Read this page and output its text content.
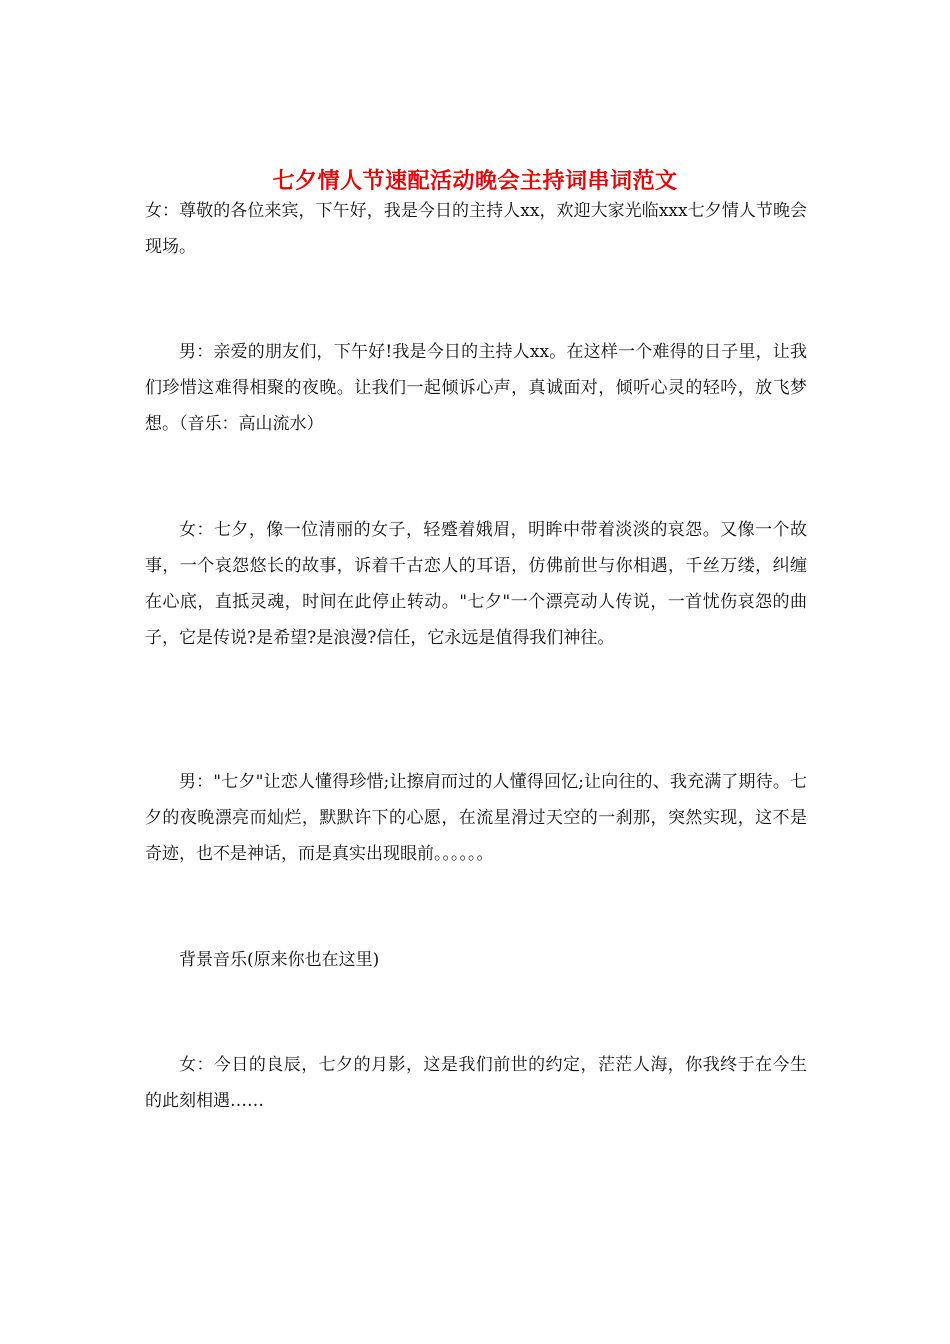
七夕情人节速配活动晚会主持词串词范文

女：尊敬的各位来宾，下午好，我是今日的主持人xx，欢迎大家光临xxx七夕情人节晚会现场。

男：亲爱的朋友们，下午好!我是今日的主持人xx。在这样一个难得的日子里，让我们珍惜这难得相聚的夜晚。让我们一起倾诉心声，真诚面对，倾听心灵的轻吟，放飞梦想。（音乐：高山流水）

女：七夕，像一位清丽的女子，轻蹙着娥眉，明眸中带着淡淡的哀怨。又像一个故事，一个哀怨悠长的故事，诉着千古恋人的耳语，仿佛前世与你相遇，千丝万缕，纠缠在心底，直抵灵魂，时间在此停止转动。"七夕"一个漂亮动人传说，一首忧伤哀怨的曲子，它是传说?是希望?是浪漫?信任，它永远是值得我们神往。

男："七夕"让恋人懂得珍惜;让擦肩而过的人懂得回忆;让向往的、我充满了期待。七夕的夜晚漂亮而灿烂，默默许下的心愿，在流星滑过天空的一刹那，突然实现，这不是奇迹，也不是神话，而是真实出现眼前。。。。。。

背景音乐(原来你也在这里)

女：今日的良辰，七夕的月影，这是我们前世的约定，茫茫人海，你我终于在今生的此刻相遇……
